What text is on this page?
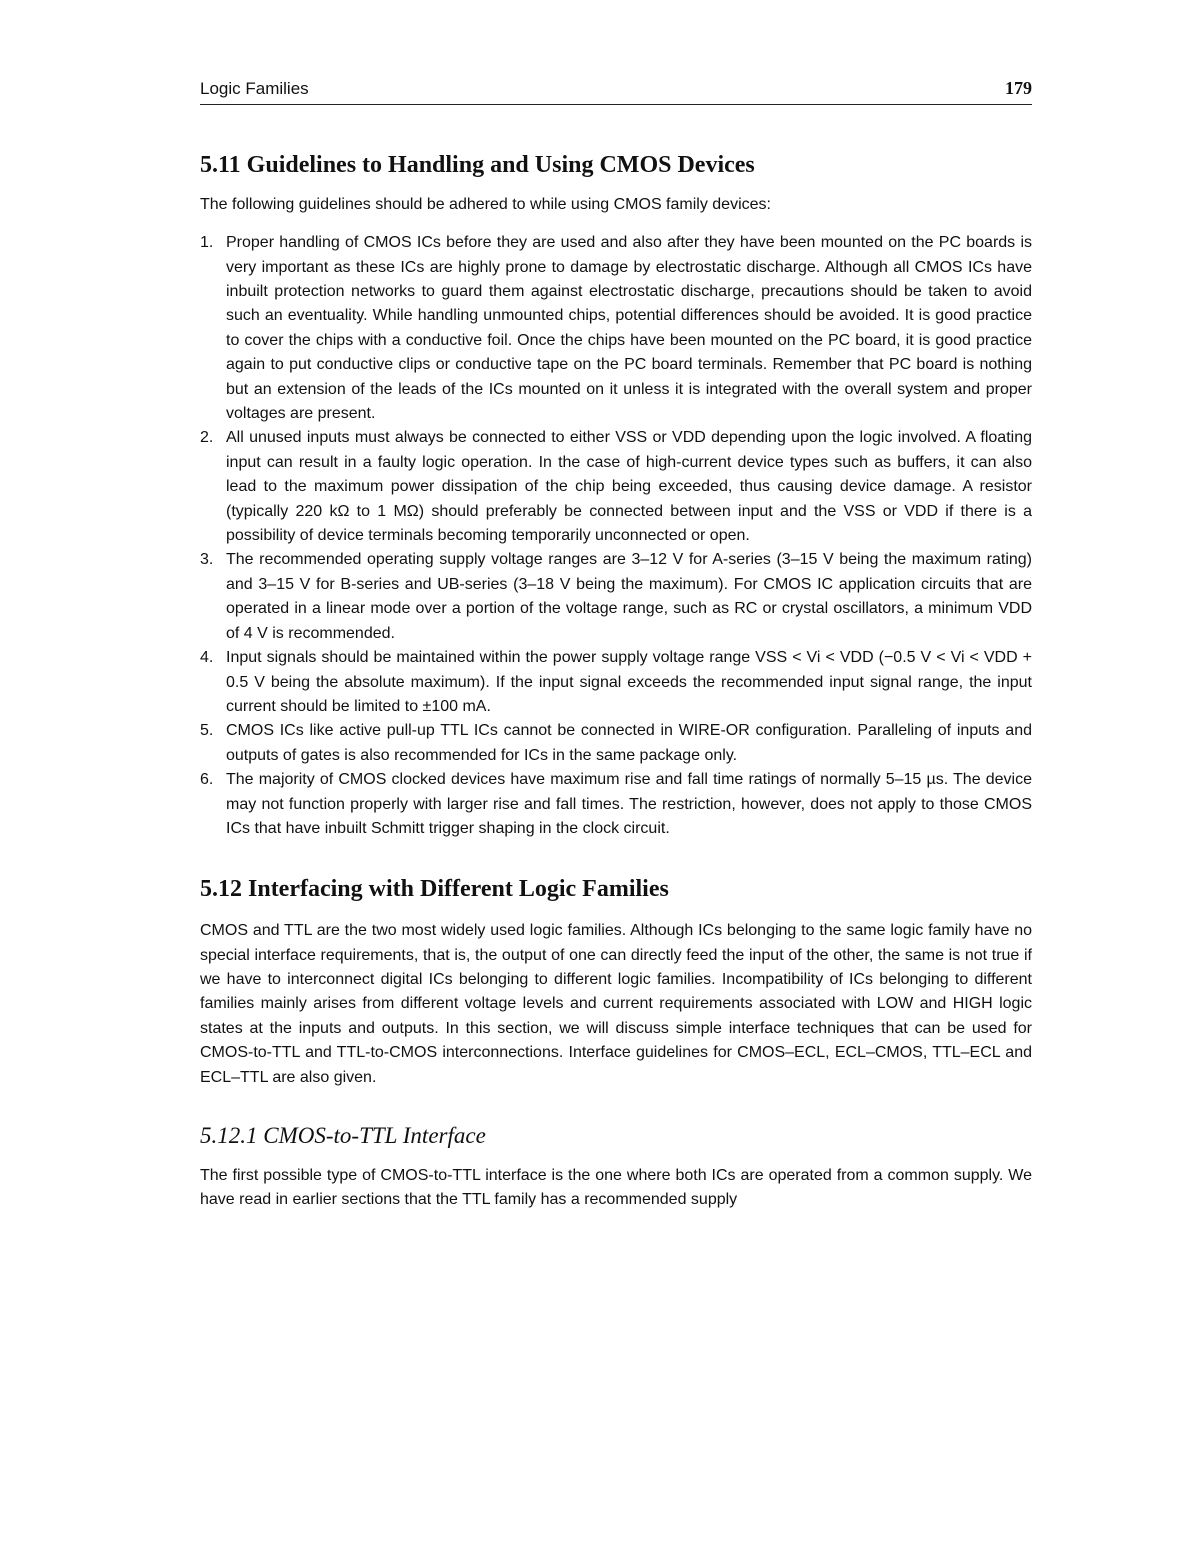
Logic Families	179
5.11 Guidelines to Handling and Using CMOS Devices

The following guidelines should be adhered to while using CMOS family devices:

1. Proper handling of CMOS ICs before they are used and also after they have been mounted on the PC boards is very important as these ICs are highly prone to damage by electrostatic discharge. Although all CMOS ICs have inbuilt protection networks to guard them against electrostatic discharge, precautions should be taken to avoid such an eventuality. While handling unmounted chips, potential differences should be avoided. It is good practice to cover the chips with a conductive foil. Once the chips have been mounted on the PC board, it is good practice again to put conductive clips or conductive tape on the PC board terminals. Remember that PC board is nothing but an extension of the leads of the ICs mounted on it unless it is integrated with the overall system and proper voltages are present.
2. All unused inputs must always be connected to either VSS or VDD depending upon the logic involved. A floating input can result in a faulty logic operation. In the case of high-current device types such as buffers, it can also lead to the maximum power dissipation of the chip being exceeded, thus causing device damage. A resistor (typically 220 kΩ to 1 MΩ) should preferably be connected between input and the VSS or VDD if there is a possibility of device terminals becoming temporarily unconnected or open.
3. The recommended operating supply voltage ranges are 3–12 V for A-series (3–15 V being the maximum rating) and 3–15 V for B-series and UB-series (3–18 V being the maximum). For CMOS IC application circuits that are operated in a linear mode over a portion of the voltage range, such as RC or crystal oscillators, a minimum VDD of 4 V is recommended.
4. Input signals should be maintained within the power supply voltage range VSS < Vi < VDD (−0.5 V < Vi < VDD + 0.5 V being the absolute maximum). If the input signal exceeds the recommended input signal range, the input current should be limited to ±100 mA.
5. CMOS ICs like active pull-up TTL ICs cannot be connected in WIRE-OR configuration. Paralleling of inputs and outputs of gates is also recommended for ICs in the same package only.
6. The majority of CMOS clocked devices have maximum rise and fall time ratings of normally 5–15 µs. The device may not function properly with larger rise and fall times. The restriction, however, does not apply to those CMOS ICs that have inbuilt Schmitt trigger shaping in the clock circuit.
5.12 Interfacing with Different Logic Families

CMOS and TTL are the two most widely used logic families. Although ICs belonging to the same logic family have no special interface requirements, that is, the output of one can directly feed the input of the other, the same is not true if we have to interconnect digital ICs belonging to different logic families. Incompatibility of ICs belonging to different families mainly arises from different voltage levels and current requirements associated with LOW and HIGH logic states at the inputs and outputs. In this section, we will discuss simple interface techniques that can be used for CMOS-to-TTL and TTL-to-CMOS interconnections. Interface guidelines for CMOS–ECL, ECL–CMOS, TTL–ECL and ECL–TTL are also given.

5.12.1 CMOS-to-TTL Interface

The first possible type of CMOS-to-TTL interface is the one where both ICs are operated from a common supply. We have read in earlier sections that the TTL family has a recommended supply
